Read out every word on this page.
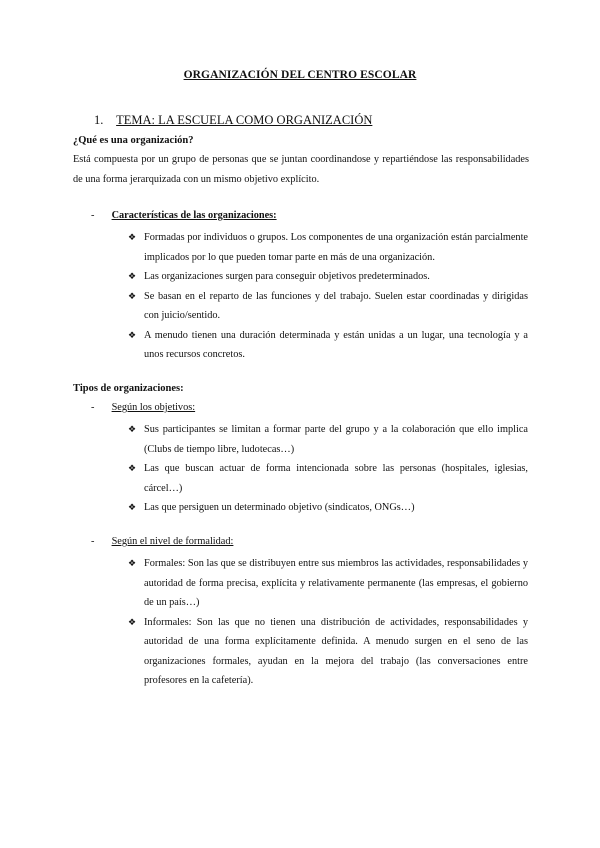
ORGANIZACIÓN DEL CENTRO ESCOLAR
1. TEMA: LA ESCUELA COMO ORGANIZACIÓN
¿Qué es una organización?
Está compuesta por un grupo de personas que se juntan coordinandose y repartiéndose las responsabilidades de una forma jerarquizada con un mismo objetivo explícito.
- Características de las organizaciones:
❖ Formadas por individuos o grupos. Los componentes de una organización están parcialmente implicados por lo que pueden tomar parte en más de una organización.
❖ Las organizaciones surgen para conseguir objetivos predeterminados.
❖ Se basan en el reparto de las funciones y del trabajo. Suelen estar coordinadas y dirigidas con juicio/sentido.
❖ A menudo tienen una duración determinada y están unidas a un lugar, una tecnología y a unos recursos concretos.
Tipos de organizaciones:
- Según los objetivos:
❖ Sus participantes se limitan a formar parte del grupo y a la colaboración que ello implica (Clubs de tiempo libre, ludotecas…)
❖ Las que buscan actuar de forma intencionada sobre las personas (hospitales, iglesias, cárcel…)
❖ Las que persiguen un determinado objetivo (sindicatos, ONGs…)
- Según el nivel de formalidad:
❖ Formales: Son las que se distribuyen entre sus miembros las actividades, responsabilidades y autoridad de forma precisa, explícita y relativamente permanente (las empresas, el gobierno de un país…)
❖ Informales: Son las que no tienen una distribución de actividades, responsabilidades y autoridad de una forma explícitamente definida. A menudo surgen en el seno de las organizaciones formales, ayudan en la mejora del trabajo (las conversaciones entre profesores en la cafetería).
